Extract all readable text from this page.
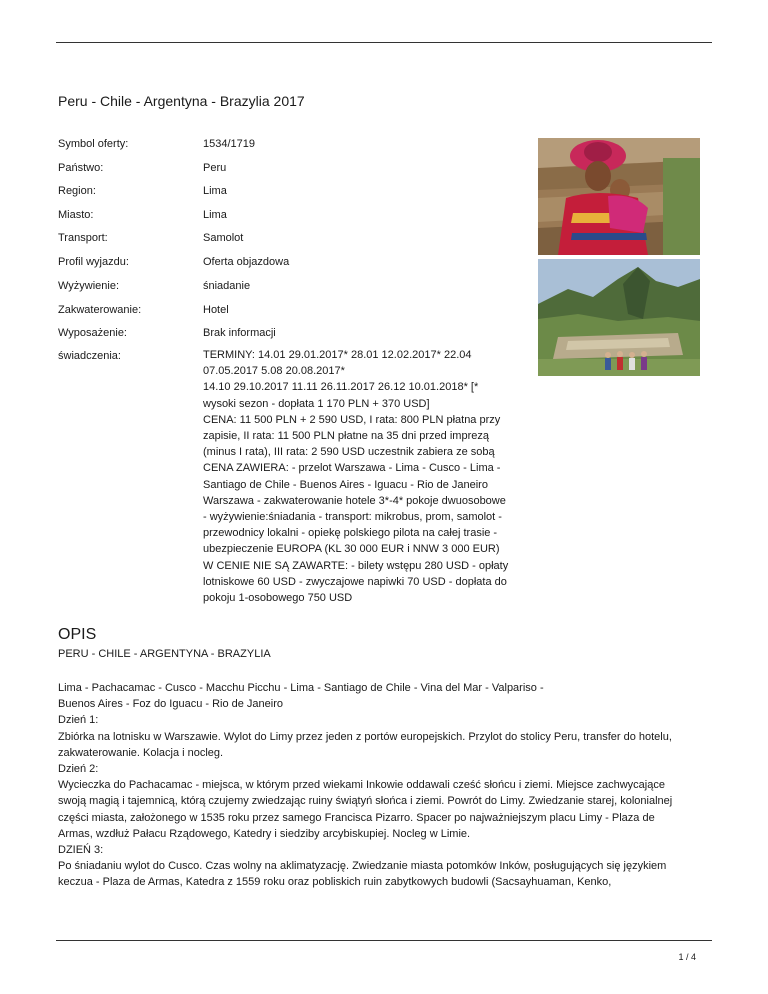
Peru - Chile - Argentyna - Brazylia 2017
Symbol oferty:	1534/1719
Państwo:	Peru
Region:	Lima
Miasto:	Lima
Transport:	Samolot
Profil wyjazdu:	Oferta objazdowa
Wyżywienie:	śniadanie
Zakwaterowanie:	Hotel
Wyposażenie:	Brak informacji
świadczenia:	TERMINY: 14.01 29.01.2017* 28.01 12.02.2017* 22.04
07.05.2017 5.08 20.08.2017*
14.10 29.10.2017 11.11 26.11.2017 26.12 10.01.2018* [*
wysoki sezon - dopłata 1 170 PLN + 370 USD]
CENA: 11 500 PLN + 2 590 USD, I rata: 800 PLN płatna przy
zapisie, II rata: 11 500 PLN płatne na 35 dni przed imprezą
(minus I rata), III rata: 2 590 USD uczestnik zabiera ze sobą
CENA ZAWIERA: - przelot Warszawa - Lima - Cusco - Lima -
Santiago de Chile - Buenos Aires - Iguacu - Rio de Janeiro
Warszawa - zakwaterowanie hotele 3*-4* pokoje dwuosobowe
- wyżywienie:śniadania - transport: mikrobus, prom, samolot -
przewodnicy lokalni - opiekę polskiego pilota na całej trasie -
ubezpieczenie EUROPA (KL 30 000 EUR i NNW 3 000 EUR)
W CENIE NIE SĄ ZAWARTE: - bilety wstępu 280 USD - opłaty
lotniskowe 60 USD - zwyczajowe napiwki 70 USD - dopłata do
pokoju 1-osobowego 750 USD
OPIS
PERU - CHILE - ARGENTYNA - BRAZYLIA
Lima - Pachacamac - Cusco - Macchu Picchu - Lima - Santiago de Chile - Vina del Mar - Valpariso -
Buenos Aires - Foz do Iguacu - Rio de Janeiro
Dzień 1:
Zbiórka na lotnisku w Warszawie. Wylot do Limy przez jeden z portów europejskich. Przylot do stolicy Peru, transfer do hotelu,
zakwaterowanie. Kolacja i nocleg.
Dzień 2:
Wycieczka do Pachacamac - miejsca, w którym przed wiekami Inkowie oddawali cześć słońcu i ziemi. Miejsce zachwycające
swoją magią i tajemnicą, którą czujemy zwiedzając ruiny świątyń słońca i ziemi. Powrót do Limy. Zwiedzanie starej, kolonialnej
części miasta, założonego w 1535 roku przez samego Francisca Pizarro. Spacer po najważniejszym placu Limy - Plaza de
Armas, wzdłuż Pałacu Rządowego, Katedry i siedziby arcybiskupiej. Nocleg w Limie.
DZIEŃ 3:
Po śniadaniu wylot do Cusco. Czas wolny na aklimatyzację. Zwiedzanie miasta potomków Inków, posługujących się językiem
keczua - Plaza de Armas, Katedra z 1559 roku oraz pobliskich ruin zabytkowych budowli (Sacsayhuaman, Kenko,
1 / 4
